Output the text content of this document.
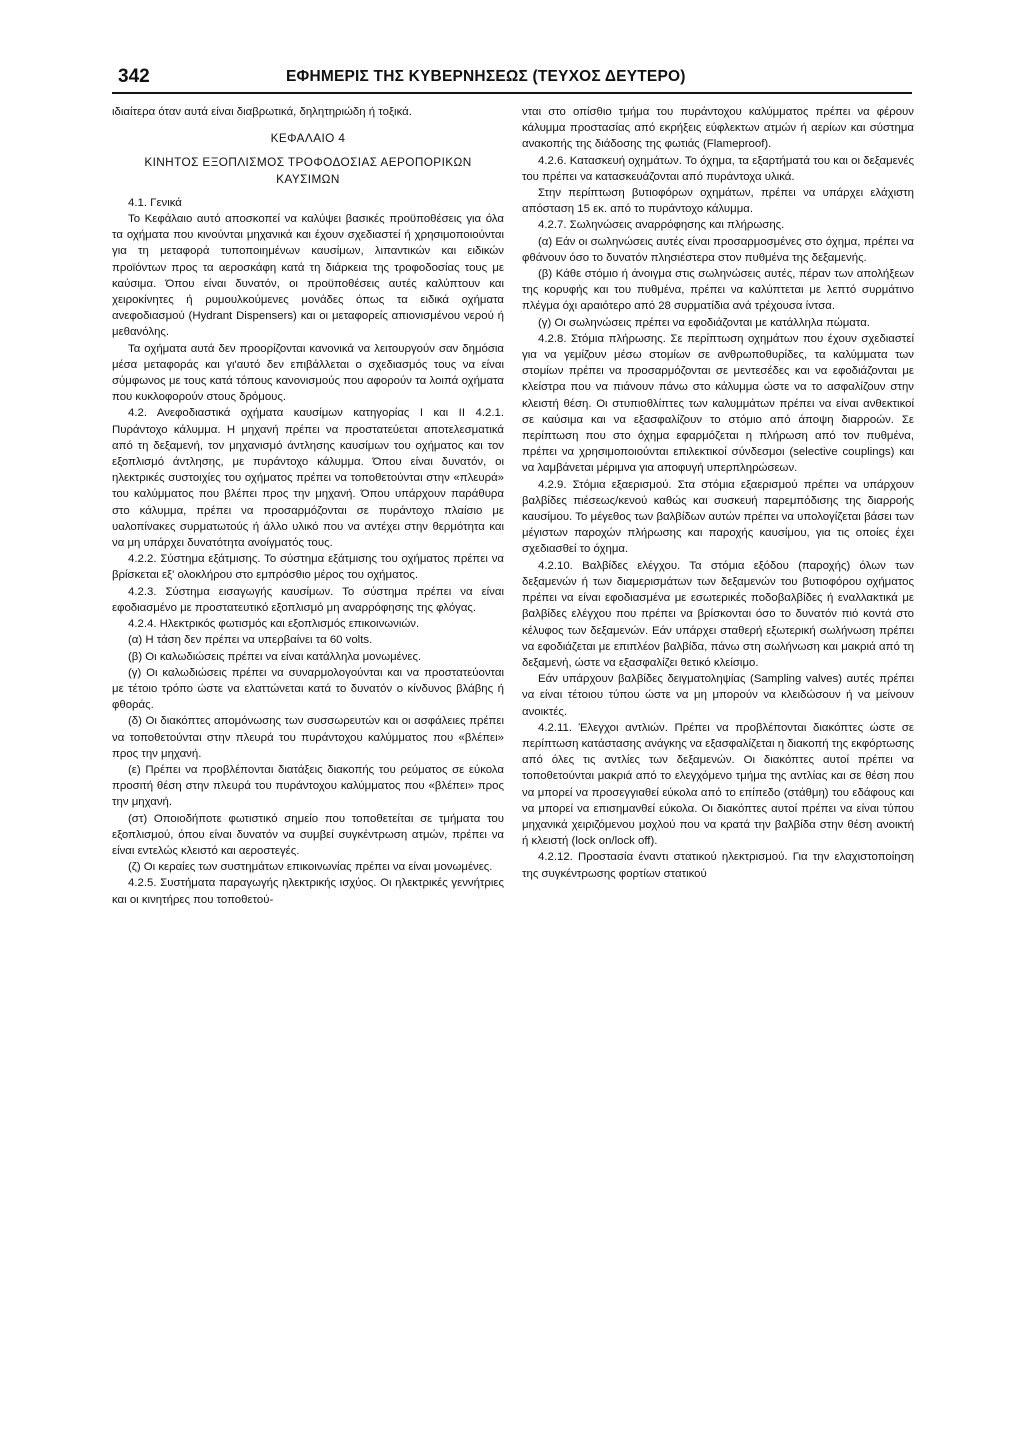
342	ΕΦΗΜΕΡΙΣ ΤΗΣ ΚΥΒΕΡΝΗΣΕΩΣ (ΤΕΥΧΟΣ ΔΕΥΤΕΡΟ)

ιδιαίτερα όταν αυτά είναι διαβρωτικά, δηλητηριώδη ή τοξικά.

ΚΕΦΑΛΑΙΟ 4
ΚΙΝΗΤΟΣ ΕΞΟΠΛΙΣΜΟΣ ΤΡΟΦΟΔΟΣΙΑΣ ΑΕΡΟΠΟΡΙΚΩΝ ΚΑΥΣΙΜΩΝ

4.1. Γενικά

Το Κεφάλαιο αυτό αποσκοπεί να καλύψει βασικές προϋποθέσεις για όλα τα οχήματα που κινούνται μηχανικά και έχουν σχεδιαστεί ή χρησιμοποιούνται για τη μεταφορά τυποποιημένων καυσίμων, λιπαντικών και ειδικών προϊόντων προς τα αεροσκάφη κατά τη διάρκεια της τροφοδοσίας τους με καύσιμα. Όπου είναι δυνατόν, οι προϋποθέσεις αυτές καλύπτουν και χειροκίνητες ή ρυμουλκούμενες μονάδες όπως τα ειδικά οχήματα ανεφοδιασμού (Hydrant Dispensers) και οι μεταφορείς απιονισμένου νερού ή μεθανόλης.

Τα οχήματα αυτά δεν προορίζονται κανονικά να λειτουργούν σαν δημόσια μέσα μεταφοράς και γι'αυτό δεν επιβάλλεται ο σχεδιασμός τους να είναι σύμφωνος με τους κατά τόπους κανονισμούς που αφορούν τα λοιπά οχήματα που κυκλοφορούν στους δρόμους.

4.2. Ανεφοδιαστικά οχήματα καυσίμων κατηγορίας I και II 4.2.1. Πυράντοχο κάλυμμα. Η μηχανή πρέπει να προστατεύεται αποτελεσματικά από τη δεξαμενή, τον μηχανισμό άντλησης καυσίμων του οχήματος και τον εξοπλισμό άντλησης, με πυράντοχο κάλυμμα. Όπου είναι δυνατόν, οι ηλεκτρικές συστοιχίες του οχήματος πρέπει να τοποθετούνται στην «πλευρά» του καλύμματος που βλέπει προς την μηχανή. Όπου υπάρχουν παράθυρα στο κάλυμμα, πρέπει να προσαρμόζονται σε πυράντοχο πλαίσιο με υαλοπίνακες συρματωτούς ή άλλο υλικό που να αντέχει στην θερμότητα και να μη υπάρχει δυνατότητα ανοίγματός τους.

4.2.2. Σύστημα εξάτμισης. Το σύστημα εξάτμισης του οχήματος πρέπει να βρίσκεται εξ' ολοκλήρου στο εμπρόσθιο μέρος του οχήματος.

4.2.3. Σύστημα εισαγωγής καυσίμων. Το σύστημα πρέπει να είναι εφοδιασμένο με προστατευτικό εξοπλισμό μη αναρρόφησης της φλόγας.

4.2.4. Ηλεκτρικός φωτισμός και εξοπλισμός επικοινωνιών.

(α) Η τάση δεν πρέπει να υπερβαίνει τα 60 volts.

(β) Οι καλωδιώσεις πρέπει να είναι κατάλληλα μονωμένες.

(γ) Οι καλωδιώσεις πρέπει να συναρμολογούνται και να προστατεύονται με τέτοιο τρόπο ώστε να ελαττώνεται κατά το δυνατόν ο κίνδυνος βλάβης ή φθοράς.

(δ) Οι διακόπτες απομόνωσης των συσσωρευτών και οι ασφάλειες πρέπει να τοποθετούνται στην πλευρά του πυράντοχου καλύμματος που «βλέπει» προς την μηχανή.

(ε) Πρέπει να προβλέπονται διατάξεις διακοπής του ρεύματος σε εύκολα προσιτή θέση στην πλευρά του πυράντοχου καλύμματος που «βλέπει» προς την μηχανή.

(στ) Οποιοδήποτε φωτιστικό σημείο που τοποθετείται σε τμήματα του εξοπλισμού, όπου είναι δυνατόν να συμβεί συγκέντρωση ατμών, πρέπει να είναι εντελώς κλειστό και αεροστεγές.

(ζ) Οι κεραίες των συστημάτων επικοινωνίας πρέπει να είναι μονωμένες.

4.2.5. Συστήματα παραγωγής ηλεκτρικής ισχύος. Οι ηλεκτρικές γεννήτριες και οι κινητήρες που τοποθετού-

νται στο οπίσθιο τμήμα του πυράντοχου καλύμματος πρέπει να φέρουν κάλυμμα προστασίας από εκρήξεις εύφλεκτων ατμών ή αερίων και σύστημα ανακοπής της διάδοσης της φωτιάς (Flameproof).

4.2.6. Κατασκευή οχημάτων. Το όχημα, τα εξαρτήματά του και οι δεξαμενές του πρέπει να κατασκευάζονται από πυράντοχα υλικά.

Στην περίπτωση βυτιοφόρων οχημάτων, πρέπει να υπάρχει ελάχιστη απόσταση 15 εκ. από το πυράντοχο κάλυμμα.

4.2.7. Σωληνώσεις αναρρόφησης και πλήρωσης.

(α) Εάν οι σωληνώσεις αυτές είναι προσαρμοσμένες στο όχημα, πρέπει να φθάνουν όσο το δυνατόν πλησιέστερα στον πυθμένα της δεξαμενής.

(β) Κάθε στόμιο ή άνοιγμα στις σωληνώσεις αυτές, πέραν των απολήξεων της κορυφής και του πυθμένα, πρέπει να καλύπτεται με λεπτό συρμάτινο πλέγμα όχι αραιότερο από 28 συρματίδια ανά τρέχουσα ίντσα.

(γ) Οι σωληνώσεις πρέπει να εφοδιάζονται με κατάλληλα πώματα.

4.2.8. Στόμια πλήρωσης. Σε περίπτωση οχημάτων που έχουν σχεδιαστεί για να γεμίζουν μέσω στομίων σε ανθρωποθυρίδες, τα καλύμματα των στομίων πρέπει να προσαρμόζονται σε μεντεσέδες και να εφοδιάζονται με κλείστρα που να πιάνουν πάνω στο κάλυμμα ώστε να το ασφαλίζουν στην κλειστή θέση. Οι στυπιοθλίπτες των καλυμμάτων πρέπει να είναι ανθεκτικοί σε καύσιμα και να εξασφαλίζουν το στόμιο από άποψη διαρροών. Σε περίπτωση που στο όχημα εφαρμόζεται η πλήρωση από τον πυθμένα, πρέπει να χρησιμοποιούνται επιλεκτικοί σύνδεσμοι (selective couplings) και να λαμβάνεται μέριμνα για αποφυγή υπερπληρώσεων.

4.2.9. Στόμια εξαερισμού. Στα στόμια εξαερισμού πρέπει να υπάρχουν βαλβίδες πιέσεως/κενού καθώς και συσκευή παρεμπόδισης της διαρροής καυσίμου. Το μέγεθος των βαλβίδων αυτών πρέπει να υπολογίζεται βάσει των μέγιστων παροχών πλήρωσης και παροχής καυσίμου, για τις οποίες έχει σχεδιασθεί το όχημα.

4.2.10. Βαλβίδες ελέγχου. Τα στόμια εξόδου (παροχής) όλων των δεξαμενών ή των διαμερισμάτων των δεξαμενών του βυτιοφόρου οχήματος πρέπει να είναι εφοδιασμένα με εσωτερικές ποδοβαλβίδες ή εναλλακτικά με βαλβίδες ελέγχου που πρέπει να βρίσκονται όσο το δυνατόν πιό κοντά στο κέλυφος των δεξαμενών. Εάν υπάρχει σταθερή εξωτερική σωλήνωση πρέπει να εφοδιάζεται με επιπλέον βαλβίδα, πάνω στη σωλήνωση και μακριά από τη δεξαμενή, ώστε να εξασφαλίζει θετικό κλείσιμο.

Εάν υπάρχουν βαλβίδες δειγματοληψίας (Sampling valves) αυτές πρέπει να είναι τέτοιου τύπου ώστε να μη μπορούν να κλειδώσουν ή να μείνουν ανοικτές.

4.2.11. Έλεγχοι αντλιών. Πρέπει να προβλέπονται διακόπτες ώστε σε περίπτωση κατάστασης ανάγκης να εξασφαλίζεται η διακοπή της εκφόρτωσης από όλες τις αντλίες των δεξαμενών. Οι διακόπτες αυτοί πρέπει να τοποθετούνται μακριά από το ελεγχόμενο τμήμα της αντλίας και σε θέση που να μπορεί να προσεγγιαθεί εύκολα από το επίπεδο (στάθμη) του εδάφους και να μπορεί να επισημανθεί εύκολα. Οι διακόπτες αυτοί πρέπει να είναι τύπου μηχανικά χειριζόμενου μοχλού που να κρατά την βαλβίδα στην θέση ανοικτή ή κλειστή (lock on/lock off).

4.2.12. Προστασία έναντι στατικού ηλεκτρισμού. Για την ελαχιστοποίηση της συγκέντρωσης φορτίων στατικού
